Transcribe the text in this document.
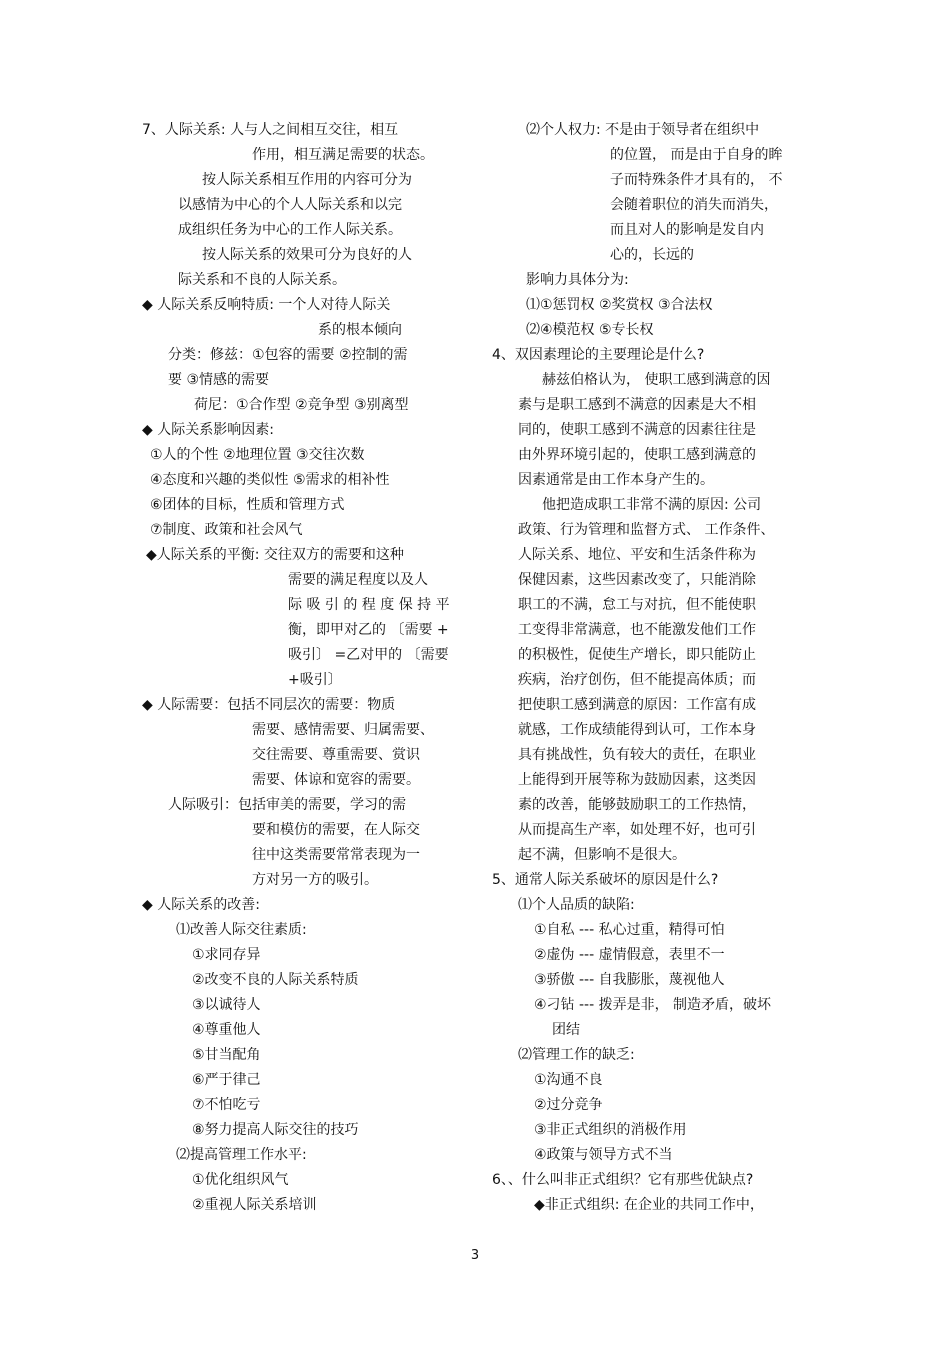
7、人际关系: 人与人之间相互交往，相互
作用，相互满足需要的状态。
按人际关系相互作用的内容可分为
以感情为中心的个人人际关系和以完
成组织任务为中心的工作人际关系。
按人际关系的效果可分为良好的人
际关系和不良的人际关系。
◆ 人际关系反响特质: 一个人对待人际关
系的根本倾向
分类：修兹：①包容的需要 ②控制的需
要 ③情感的需要
荷尼：①合作型 ②竞争型 ③别离型
◆ 人际关系影响因素:
①人的个性 ②地理位置 ③交往次数
④态度和兴趣的类似性 ⑤需求的相补性
⑥团体的目标，性质和管理方式
⑦制度、政策和社会风气
◆人际关系的平衡: 交往双方的需要和这种
需要的满足程度以及人
际 吸 引 的 程 度 保 持 平
衡，即甲对乙的 〔需要 +
吸引〕 =乙对甲的 〔需要
+吸引〕
◆ 人际需要：包括不同层次的需要：物质
需要、感情需要、归属需要、
交往需要、尊重需要、赏识
需要、体谅和宽容的需要。
人际吸引：包括审美的需要，学习的需
要和模仿的需要，在人际交
往中这类需要常常表现为一
方对另一方的吸引。
◆ 人际关系的改善:
⑴改善人际交往素质:
①求同存异
②改变不良的人际关系特质
③以诚待人
④尊重他人
⑤甘当配角
⑥严于律己
⑦不怕吃亏
⑧努力提高人际交往的技巧
⑵提高管理工作水平:
①优化组织风气
②重视人际关系培训
⑵个人权力: 不是由于领导者在组织中
的位置， 而是由于自身的眸
子而特殊条件才具有的， 不
会随着职位的消失而消失，
而且对人的影响是发自内
心的，长远的
影响力具体分为:
⑴①惩罚权 ②奖赏权 ③合法权
⑵④模范权 ⑤专长权
4、双因素理论的主要理论是什么?
赫兹伯格认为， 使职工感到满意的因
素与是职工感到不满意的因素是大不相
同的，使职工感到不满意的因素往往是
由外界环境引起的，使职工感到满意的
因素通常是由工作本身产生的。
他把造成职工非常不满的原因: 公司
政策、行为管理和监督方式、 工作条件、
人际关系、地位、平安和生活条件称为
保健因素，这些因素改变了，只能消除
职工的不满，怠工与对抗，但不能使职
工变得非常满意，也不能激发他们工作
的积极性，促使生产增长，即只能防止
疾病，治疗创伤，但不能提高体质；而
把使职工感到满意的原因：工作富有成
就感，工作成绩能得到认可，工作本身
具有挑战性，负有较大的责任，在职业
上能得到开展等称为鼓励因素，这类因
素的改善，能够鼓励职工的工作热情，
从而提高生产率，如处理不好，也可引
起不满，但影响不是很大。
5、通常人际关系破坏的原因是什么?
⑴个人品质的缺陷:
①自私 --- 私心过重，精得可怕
②虚伪 --- 虚情假意，表里不一
③骄傲 --- 自我膨胀，蔑视他人
④刁钻 --- 拨弄是非， 制造矛盾，破坏
团结
⑵管理工作的缺乏:
①沟通不良
②过分竞争
③非正式组织的消极作用
④政策与领导方式不当
6、、什么叫非正式组织？它有那些优缺点?
◆非正式组织: 在企业的共同工作中，
3
